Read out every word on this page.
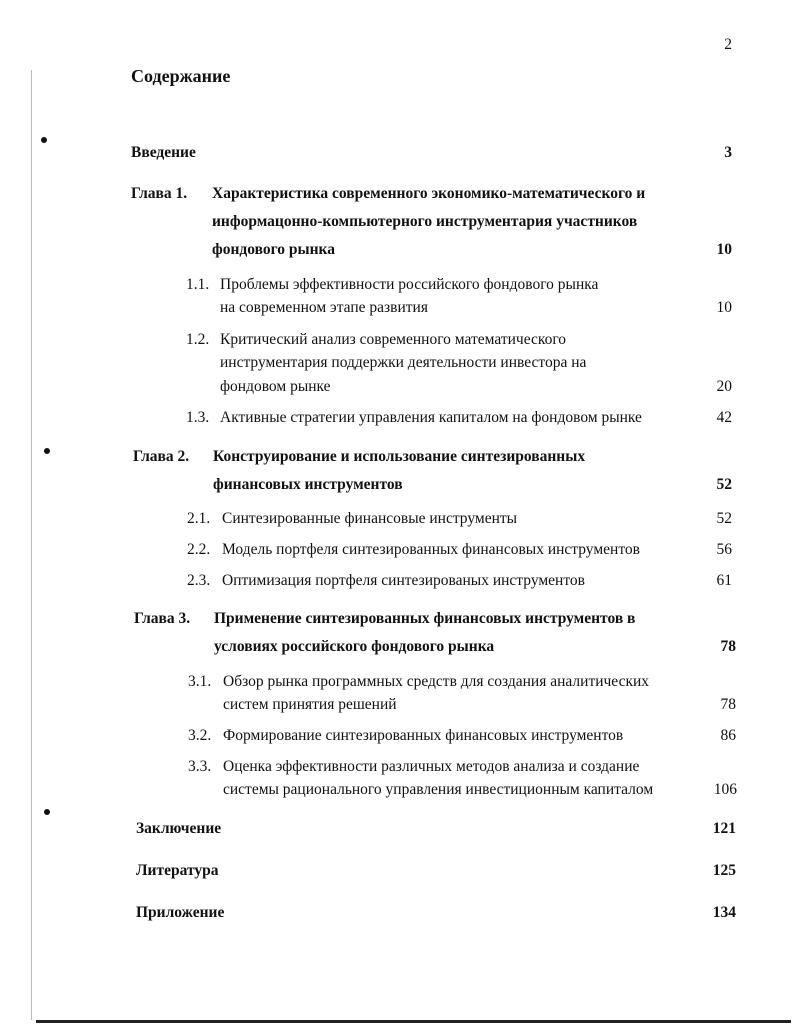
2
Содержание
Введение	3
Глава 1. Характеристика современного экономико-математического и
информацонно-компьютерного инструментария участников
фондового рынка	10
1.1. Проблемы эффективности российского фондового рынка
на современном этапе развития	10
1.2. Критический анализ современного математического
инструментария поддержки деятельности инвестора на
фондовом рынке	20
1.3. Активные стратегии управления капиталом на фондовом рынке	42
Глава 2. Конструирование и использование синтезированных
финансовых инструментов	52
2.1. Синтезированные финансовые инструменты	52
2.2. Модель портфеля синтезированных финансовых инструментов	56
2.3. Оптимизация портфеля синтезированых инструментов	61
Глава 3. Применение синтезированных финансовых инструментов в
условиях российского фондового рынка	78
3.1. Обзор рынка программных средств для создания аналитических
систем принятия решений	78
3.2. Формирование синтезированных финансовых инструментов	86
3.3. Оценка эффективности различных методов анализа и создание
системы рационального управления инвестиционным капиталом	106
Заключение	121
Литература	125
Приложение	134
